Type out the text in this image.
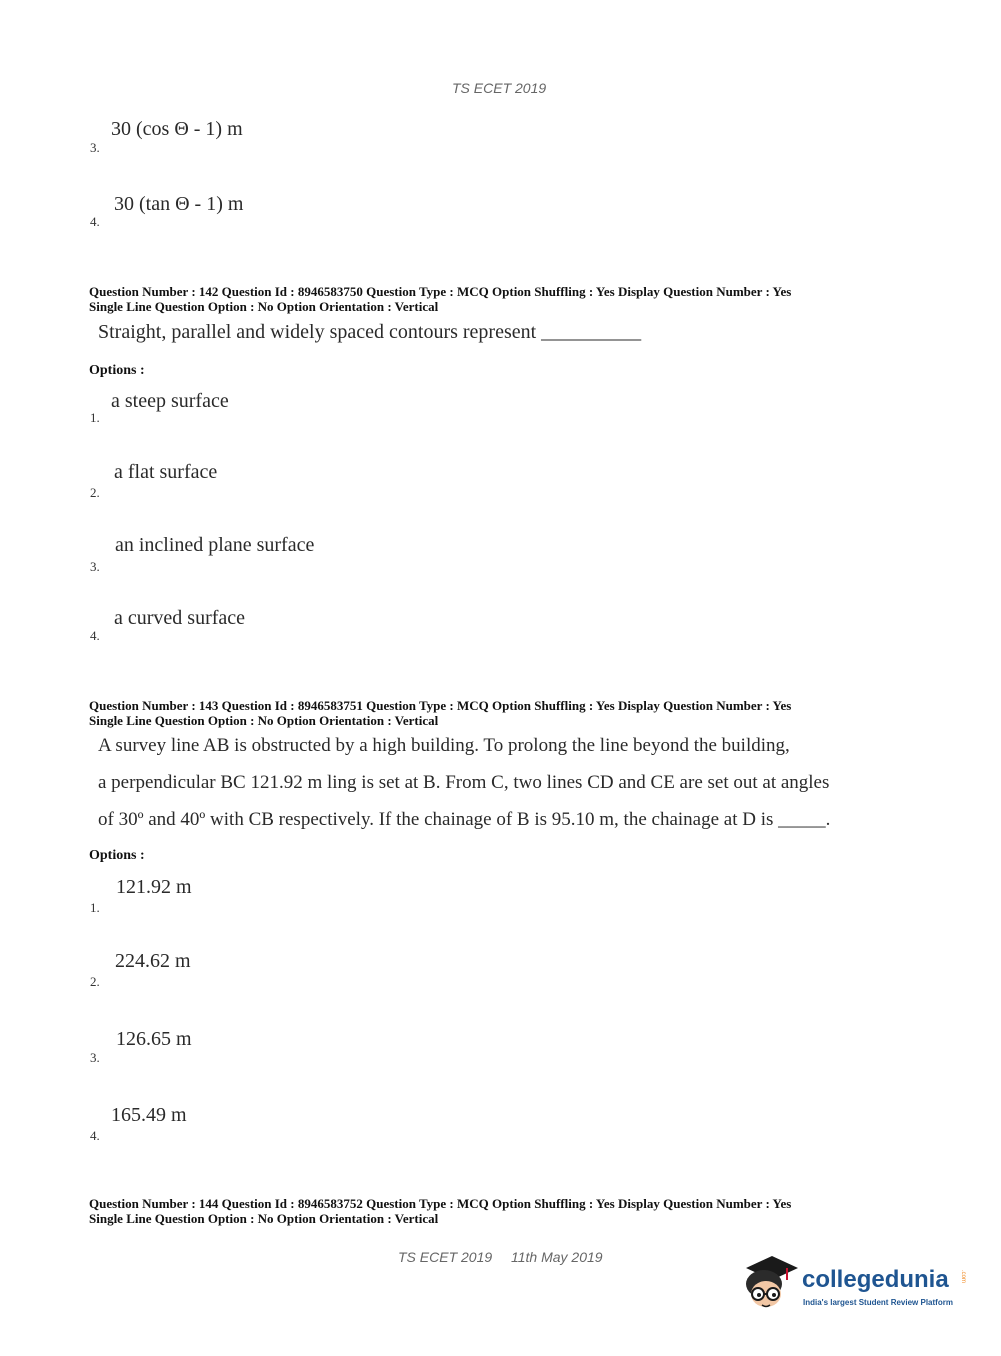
TS ECET 2019
30 (cos Θ - 1) m
3.
30 (tan Θ - 1) m
4.
Question Number : 142 Question Id : 8946583750 Question Type : MCQ Option Shuffling : Yes Display Question Number : Yes
Single Line Question Option : No Option Orientation : Vertical
Straight, parallel and widely spaced contours represent __________
Options :
a steep surface
1.
a flat surface
2.
an inclined plane surface
3.
a curved surface
4.
Question Number : 143 Question Id : 8946583751 Question Type : MCQ Option Shuffling : Yes Display Question Number : Yes
Single Line Question Option : No Option Orientation : Vertical
A survey line AB is obstructed by a high building. To prolong the line beyond the building,
a perpendicular BC 121.92 m ling is set at B. From C, two lines CD and CE are set out at angles
of 30º and 40º with CB respectively. If the chainage of B is 95.10 m, the chainage at D is _____.
Options :
121.92 m
1.
224.62 m
2.
126.65 m
3.
165.49 m
4.
Question Number : 144 Question Id : 8946583752 Question Type : MCQ Option Shuffling : Yes Display Question Number : Yes
Single Line Question Option : No Option Orientation : Vertical
TS ECET 2019 11th May 2019
collegedunia .com
India's largest Student Review Platform
